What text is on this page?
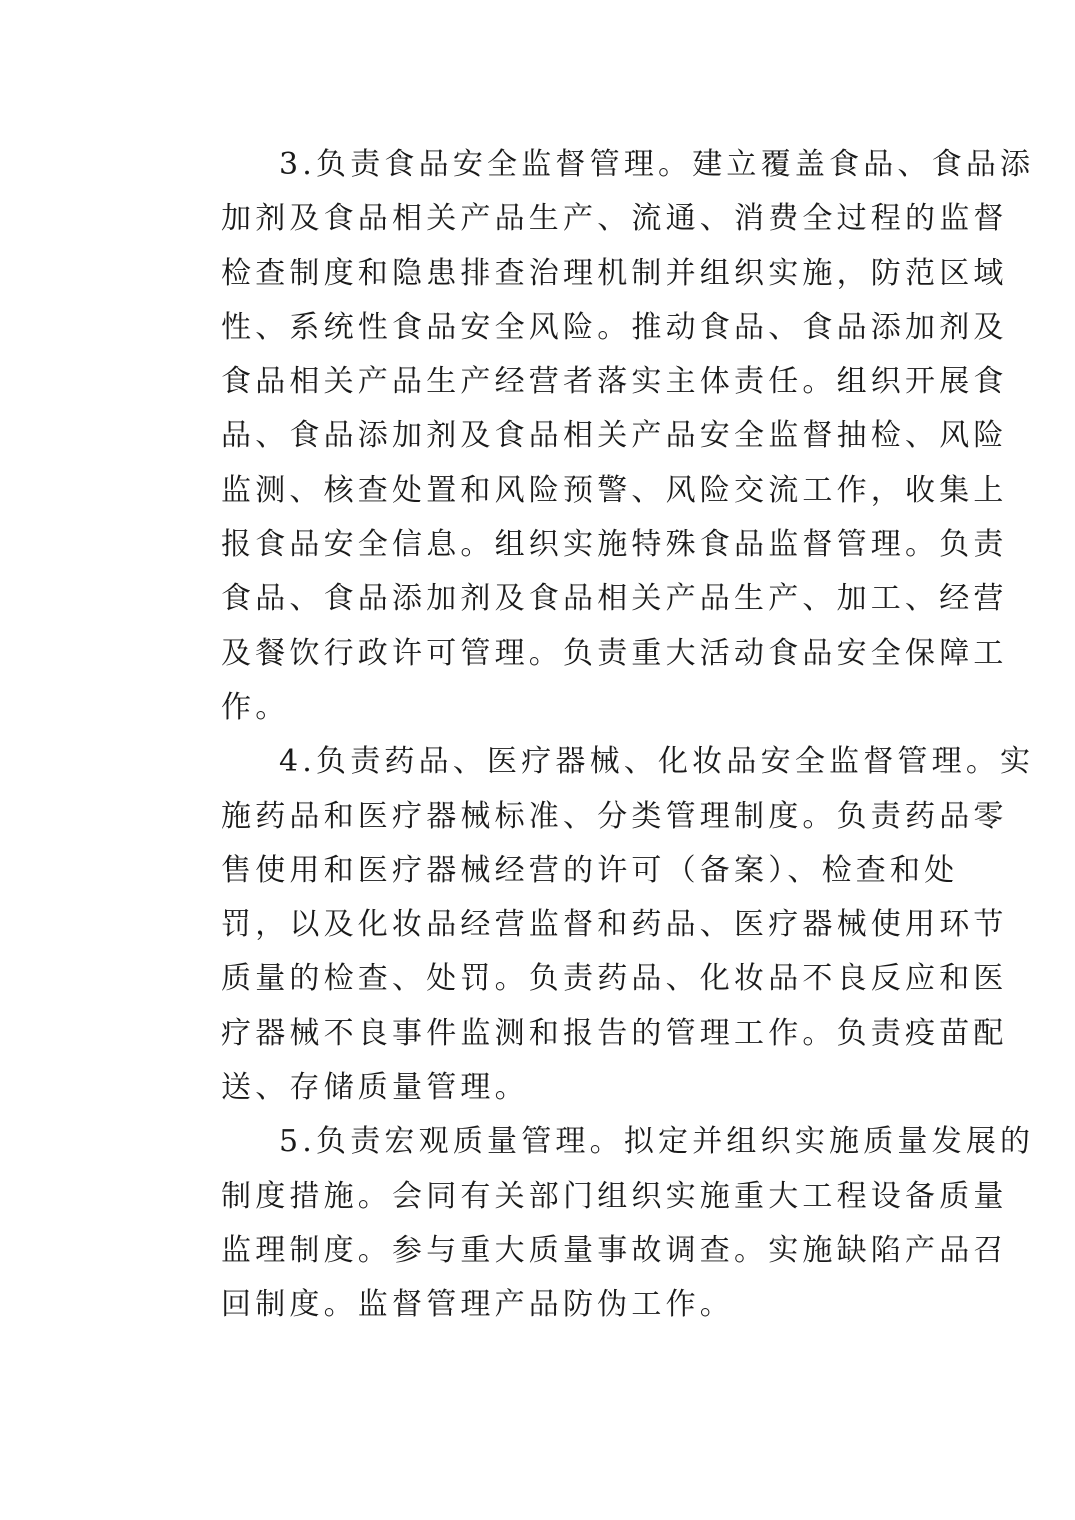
3.负责食品安全监督管理。建立覆盖食品、食品添
加剂及食品相关产品生产、流通、消费全过程的监督
检查制度和隐患排查治理机制并组织实施，防范区域
性、系统性食品安全风险。推动食品、食品添加剂及
食品相关产品生产经营者落实主体责任。组织开展食
品、食品添加剂及食品相关产品安全监督抽检、风险
监测、核查处置和风险预警、风险交流工作，收集上
报食品安全信息。组织实施特殊食品监督管理。负责
食品、食品添加剂及食品相关产品生产、加工、经营
及餐饮行政许可管理。负责重大活动食品安全保障工
作。
4.负责药品、医疗器械、化妆品安全监督管理。实
施药品和医疗器械标准、分类管理制度。负责药品零
售使用和医疗器械经营的许可（备案）、检查和处
罚，以及化妆品经营监督和药品、医疗器械使用环节
质量的检查、处罚。负责药品、化妆品不良反应和医
疗器械不良事件监测和报告的管理工作。负责疫苗配
送、存储质量管理。
5.负责宏观质量管理。拟定并组织实施质量发展的
制度措施。会同有关部门组织实施重大工程设备质量
监理制度。参与重大质量事故调查。实施缺陷产品召
回制度。监督管理产品防伪工作。
